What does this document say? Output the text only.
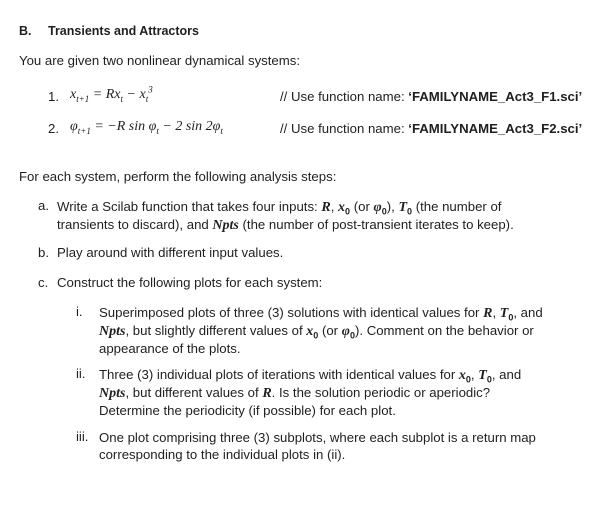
B. Transients and Attractors
You are given two nonlinear dynamical systems:
1. $x_{t+1} = Rx_t - x_t^3$	// Use function name: ‘FAMILYNAME_Act3_F1.sci’
2. $\varphi_{t+1} = -R$ $\sin \varphi_t - 2$ $\sin 2\varphi_t$	// Use function name: ‘FAMILYNAME_Act3_F2.sci’
For each system, perform the following analysis steps:
a. Write a Scilab function that takes four inputs: R, $x_0$ (or $\varphi_0$), $T_0$ (the number of
transients to discard), and Npts (the number of post-transient iterates to keep).
b. Play around with different input values.
c. Construct the following plots for each system:
i. Superimposed plots of three (3) solutions with identical values for R, $T_0$, and
Npts, but slightly different values of $x_0$ (or $\varphi_0$). Comment on the behavior or
appearance of the plots.
ii. Three (3) individual plots of iterations with identical values for $x_0$, $T_0$, and
Npts, but different values of R. Is the solution periodic or aperiodic?
Determine the periodicity (if possible) for each plot.
iii. One plot comprising three (3) subplots, where each subplot is a return map
corresponding to the individual plots in (ii).
